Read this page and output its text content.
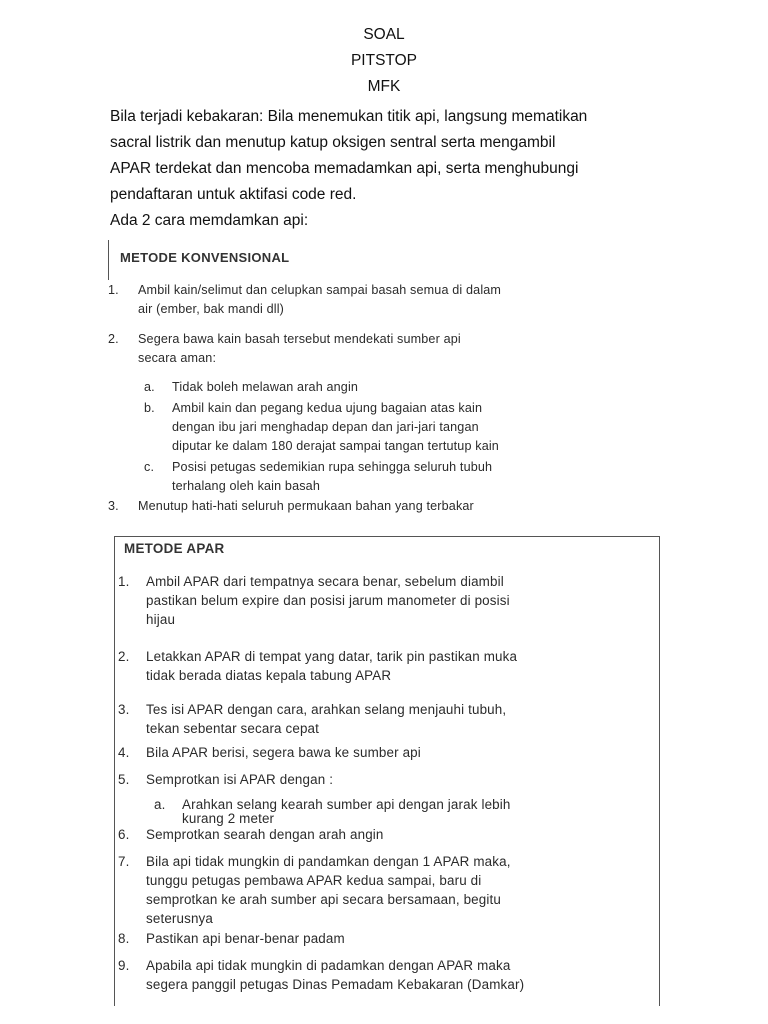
SOAL
PITSTOP
MFK

Bila terjadi kebakaran: Bila menemukan titik api, langsung mematikan

sacral listrik dan menutup katup oksigen sentral serta mengambil

APAR terdekat dan mencoba memadamkan api, serta menghubungi

pendaftaran untuk aktifasi code red.

Ada 2 cara memdamkan api:

METODE KONVENSIONAL
1. Ambil kain/selimut dan celupkan sampai basah semua di dalam
air (ember, bak mandi dll)
2. Segera bawa kain basah tersebut mendekati sumber api
secara aman:
a. Tidak boleh melawan arah angin
b. Ambil kain dan pegang kedua ujung bagaian atas kain
dengan ibu jari menghadap depan dan jari-jari tangan
diputar ke dalam 180 derajat sampai tangan tertutup kain
c. Posisi petugas sedemikian rupa sehingga seluruh tubuh
terhalang oleh kain basah
3. Menutup hati-hati seluruh permukaan bahan yang terbakar
METODE APAR
1. Ambil APAR dari tempatnya secara benar, sebelum diambil
pastikan belum expire dan posisi jarum manometer di posisi
hijau
2. Letakkan APAR di tempat yang datar, tarik pin pastikan muka
tidak berada diatas kepala tabung APAR
3. Tes isi APAR dengan cara, arahkan selang menjauhi tubuh,
tekan sebentar secara cepat
4. Bila APAR berisi, segera bawa ke sumber api
5. Semprotkan isi APAR dengan :
a. Arahkan selang kearah sumber api dengan jarak lebih
kurang 2 meter
6. Semprotkan searah dengan arah angin
7. Bila api tidak mungkin di pandamkan dengan 1 APAR maka,
tunggu petugas pembawa APAR kedua sampai, baru di
semprotkan ke arah sumber api secara bersamaan, begitu
seterusnya
8. Pastikan api benar-benar padam
9. Apabila api tidak mungkin di padamkan dengan APAR maka
segera panggil petugas Dinas Pemadam Kebakaran (Damkar)
